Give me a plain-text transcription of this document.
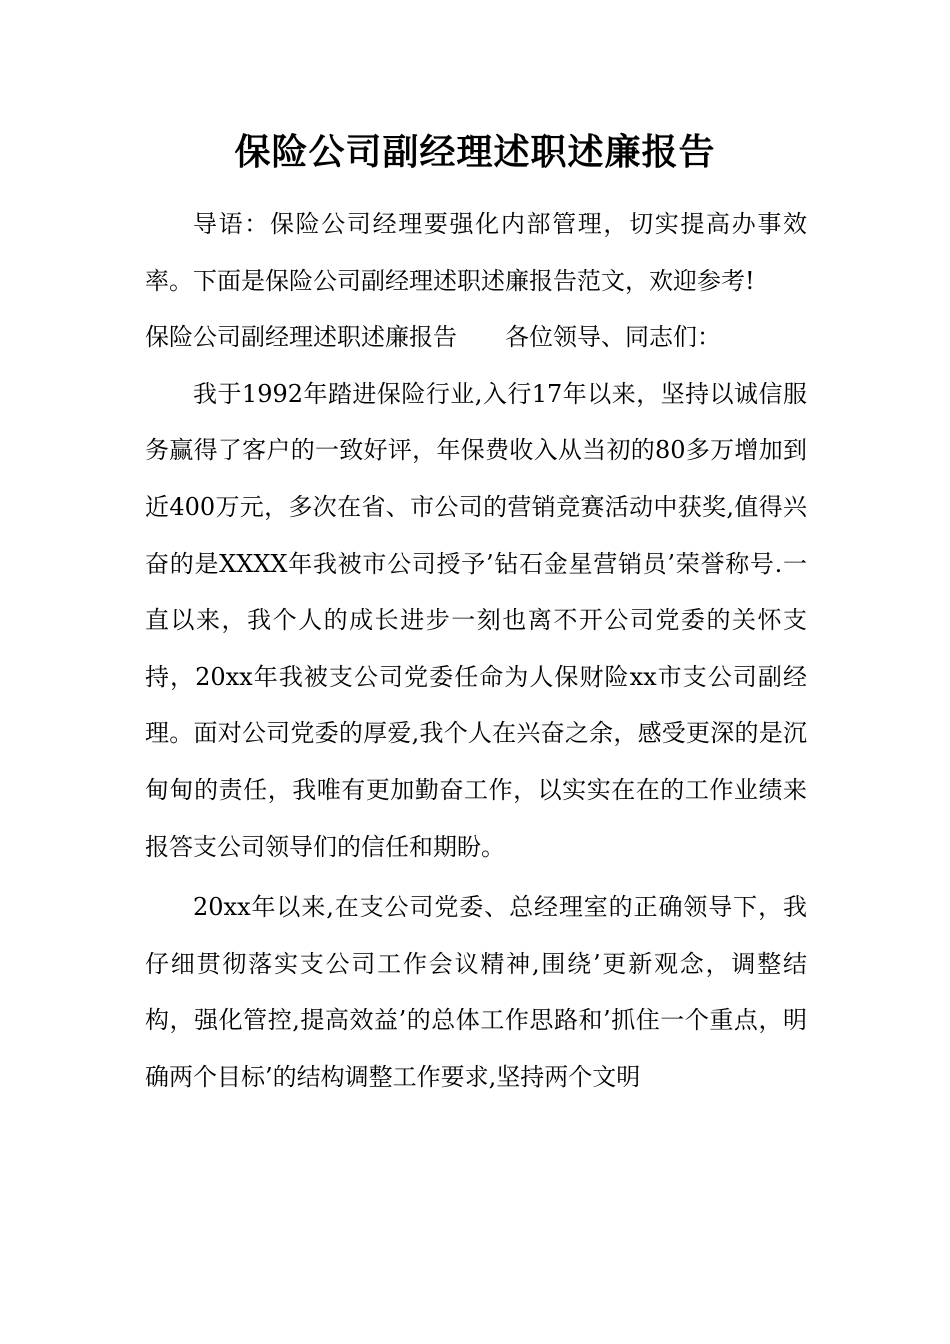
保险公司副经理述职述廉报告

导语：保险公司经理要强化内部管理，切实提高办事效率。下面是保险公司副经理述职述廉报告范文，欢迎参考!

保险公司副经理述职述廉报告　　 各位领导、同志们：

我于1992年踏进保险行业,入行17年以来，坚持以诚信服务赢得了客户的一致好评，年保费收入从当初的80多万增加到近400万元，多次在省、市公司的营销竞赛活动中获奖,值得兴奋的是XXXX年我被市公司授予’钻石金星营销员’荣誉称号.一直以来，我个人的成长进步一刻也离不开公司党委的关怀支持，20xx年我被支公司党委任命为人保财险xx市支公司副经理。面对公司党委的厚爱,我个人在兴奋之余，感受更深的是沉甸甸的责任，我唯有更加勤奋工作，以实实在在的工作业绩来报答支公司领导们的信任和期盼。

20xx年以来,在支公司党委、总经理室的正确领导下，我仔细贯彻落实支公司工作会议精神,围绕’更新观念，调整结构，强化管控,提高效益’的总体工作思路和’抓住一个重点，明确两个目标’的结构调整工作要求,坚持两个文明
